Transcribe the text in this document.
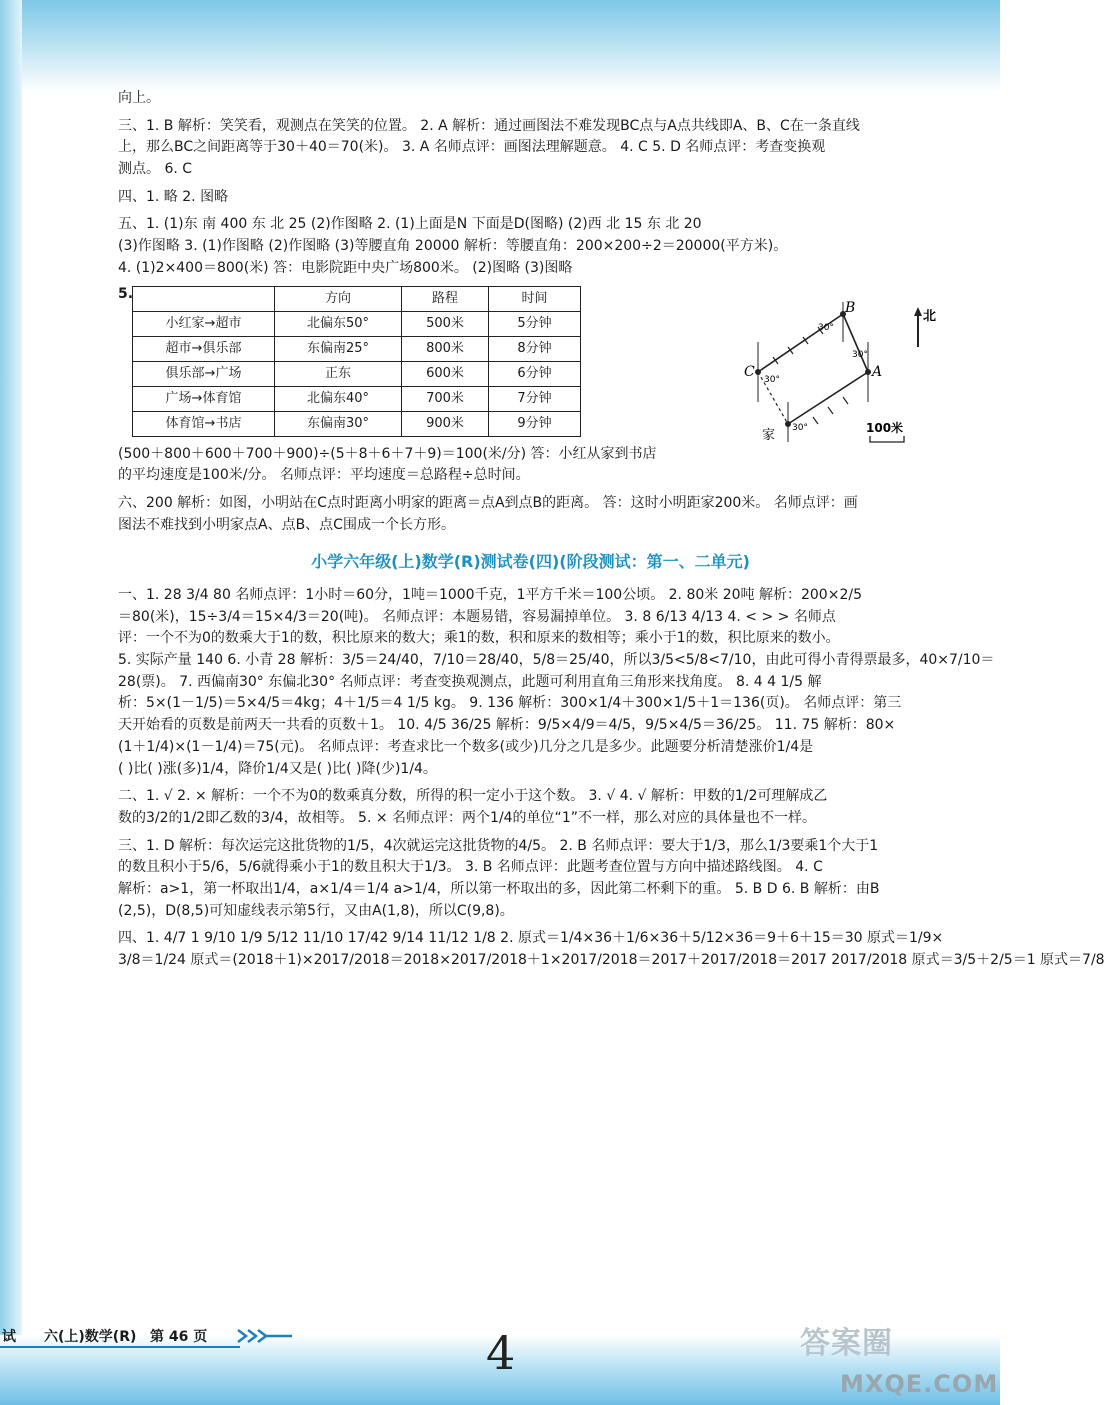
向上。
三、1. B 解析：笑笑看，观测点在笑笑的位置。 2. A 解析：通过画图法不难发现BC点与A点共线即A、B、C在一条直线
上，那么BC之间距离等于30＋40＝70(米)。 3. A 名师点评：画图法理解题意。 4. C 5. D 名师点评：考查变换观
测点。 6. C
四、1. 略 2. 图略
五、1. (1)东 南 400 东 北 25 (2)作图略 2. (1)上面是N 下面是D(图略) (2)西 北 15 东 北 20
(3)作图略 3. (1)作图略 (2)作图略 (3)等腰直角 20000 解析：等腰直角：200×200÷2＝20000(平方米)。
4. (1)2×400＝800(米) 答：电影院距中央广场800米。 (2)图略 (3)图略
5.
		方向	路程	时间
小红家→超市	北偏东50°	500米	5分钟
超市→俱乐部	东偏南25°	800米	8分钟
俱乐部→广场	正东	600米	6分钟
广场→体育馆	北偏东40°	700米	7分钟
体育馆→书店	东偏南30°	900米	9分钟
C
B
A
家
30°
30°
30°
30°
北
100米
(500＋800＋600＋700＋900)÷(5＋8＋6＋7＋9)＝100(米/分) 答：小红从家到书店
的平均速度是100米/分。 名师点评：平均速度＝总路程÷总时间。
六、200 解析：如图，小明站在C点时距离小明家的距离＝点A到点B的距离。 答：这时小明距家200米。 名师点评：画
图法不难找到小明家点A、点B、点C围成一个长方形。
小学六年级(上)数学(R)测试卷(四)(阶段测试：第一、二单元)
一、1. 28 3/4 80 名师点评：1小时＝60分，1吨＝1000千克，1平方千米＝100公顷。 2. 80米 20吨 解析：200×2/5
＝80(米)，15÷3/4＝15×4/3＝20(吨)。 名师点评：本题易错，容易漏掉单位。 3. 8 6/13 4/13 4. < > > 名师点
评：一个不为0的数乘大于1的数，积比原来的数大；乘1的数，积和原来的数相等；乘小于1的数，积比原来的数小。
5. 实际产量 140 6. 小青 28 解析：3/5＝24/40，7/10＝28/40，5/8＝25/40，所以3/5<5/8<7/10，由此可得小青得票最多，40×7/10＝
28(票)。 7. 西偏南30° 东偏北30° 名师点评：考查变换观测点，此题可利用直角三角形来找角度。 8. 4 4 1/5 解
析：5×(1－1/5)＝5×4/5＝4kg；4＋1/5＝4 1/5 kg。 9. 136 解析：300×1/4＋300×1/5＋1＝136(页)。 名师点评：第三
天开始看的页数是前两天一共看的页数＋1。 10. 4/5 36/25 解析：9/5×4/9＝4/5，9/5×4/5＝36/25。 11. 75 解析：80×
(1＋1/4)×(1－1/4)＝75(元)。 名师点评：考查求比一个数多(或少)几分之几是多少。此题要分析清楚涨价1/4是
( )比( )涨(多)1/4，降价1/4又是( )比( )降(少)1/4。
二、1. √ 2. × 解析：一个不为0的数乘真分数，所得的积一定小于这个数。 3. √ 4. √ 解析：甲数的1/2可理解成乙
数的3/2的1/2即乙数的3/4，故相等。 5. × 名师点评：两个1/4的单位“1”不一样，那么对应的具体量也不一样。
三、1. D 解析：每次运完这批货物的1/5，4次就运完这批货物的4/5。 2. B 名师点评：要大于1/3，那么1/3要乘1个大于1
的数且积小于5/6，5/6就得乘小于1的数且积大于1/3。 3. B 名师点评：此题考查位置与方向中描述路线图。 4. C
解析：a>1，第一杯取出1/4，a×1/4＝1/4 a>1/4，所以第一杯取出的多，因此第二杯剩下的重。 5. B D 6. B 解析：由B
(2,5)，D(8,5)可知虚线表示第5行，又由A(1,8)，所以C(9,8)。
四、1. 4/7 1 9/10 1/9 5/12 11/10 17/42 9/14 11/12 1/8 2. 原式＝1/4×36＋1/6×36＋5/12×36＝9＋6＋15＝30 原式＝1/9×
3/8＝1/24 原式＝(2018＋1)×2017/2018＝2018×2017/2018＋1×2017/2018＝2017＋2017/2018＝2017 2017/2018 原式＝3/5＋2/5＝1 原式＝7/8
试 六(上)数学(R) 第 46 页	4	答案圈
MXQE.COM
